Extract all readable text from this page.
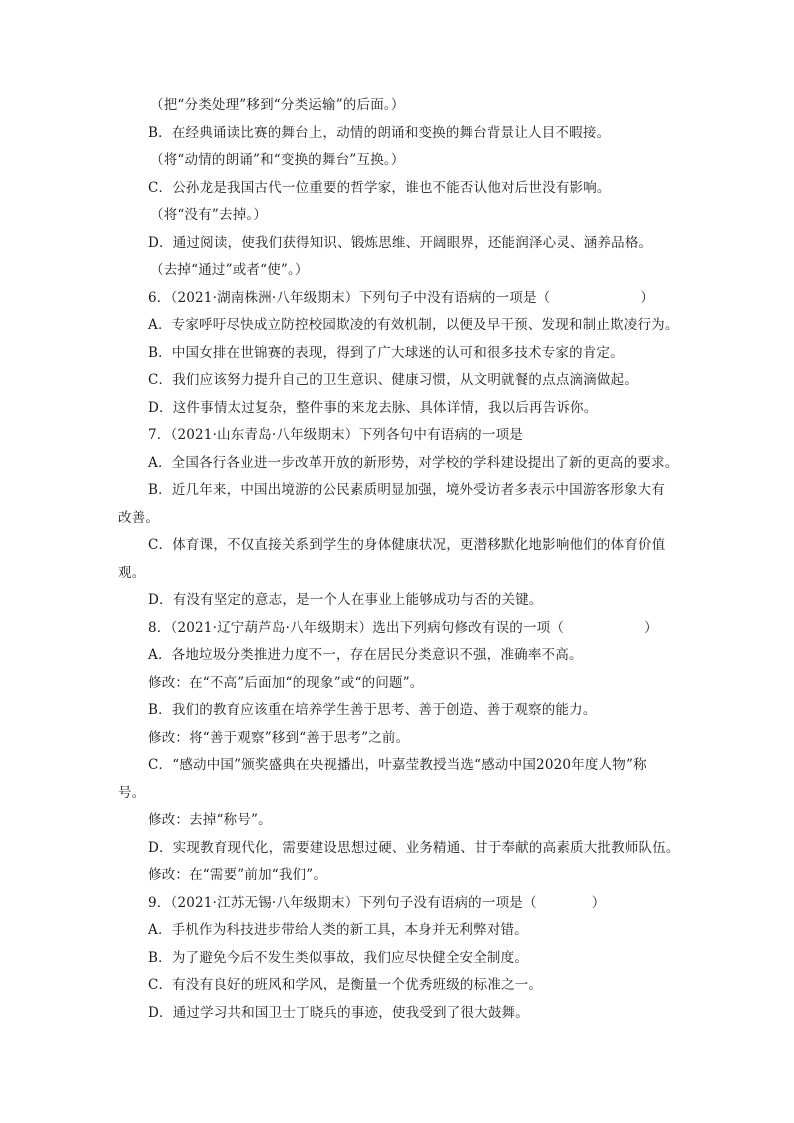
（把“分类处理”移到“分类运输”的后面。）
B．在经典诵读比赛的舞台上，动情的朗诵和变换的舞台背景让人目不暇接。
（将“动情的朗诵”和“变换的舞台”互换。）
C．公孙龙是我国古代一位重要的哲学家，谁也不能否认他对后世没有影响。
（将“没有”去掉。）
D．通过阅读，使我们获得知识、锻炼思维、开阔眼界，还能润泽心灵、涵养品格。
（去掉“通过”或者“使”。）
6．（2021·湖南株洲·八年级期末）下列句子中没有语病的一项是（	）
A．专家呼吁尽快成立防控校园欺凌的有效机制，以便及早干预、发现和制止欺凌行为。
B．中国女排在世锦赛的表现，得到了广大球迷的认可和很多技术专家的肯定。
C．我们应该努力提升自己的卫生意识、健康习惯，从文明就餐的点点滴滴做起。
D．这件事情太过复杂，整件事的来龙去脉、具体详情，我以后再告诉你。
7．（2021·山东青岛·八年级期末）下列各句中有语病的一项是
A．全国各行各业进一步改革开放的新形势，对学校的学科建设提出了新的更高的要求。
B．近几年来，中国出境游的公民素质明显加强，境外受访者多表示中国游客形象大有
改善。
C．体育课，不仅直接关系到学生的身体健康状况，更潜移默化地影响他们的体育价值
观。
D．有没有坚定的意志，是一个人在事业上能够成功与否的关键。
8．（2021·辽宁葫芦岛·八年级期末）选出下列病句修改有误的一项（	）
A．各地垃圾分类推进力度不一，存在居民分类意识不强，准确率不高。
修改：在“不高”后面加“的现象”或“的问题”。
B．我们的教育应该重在培养学生善于思考、善于创造、善于观察的能力。
修改：将“善于观察”移到“善于思考”之前。
C．“感动中国”颁奖盛典在央视播出，叶嘉莹教授当选“感动中国2020年度人物”称
号。
修改：去掉“称号”。
D．实现教育现代化，需要建设思想过硬、业务精通、甘于奉献的高素质大批教师队伍。
修改：在“需要”前加“我们”。
9．（2021·江苏无锡·八年级期末）下列句子没有语病的一项是（	）
A．手机作为科技进步带给人类的新工具，本身并无利弊对错。
B．为了避免今后不发生类似事故，我们应尽快健全安全制度。
C．有没有良好的班风和学风，是衡量一个优秀班级的标准之一。
D．通过学习共和国卫士丁晓兵的事迹，使我受到了很大鼓舞。
